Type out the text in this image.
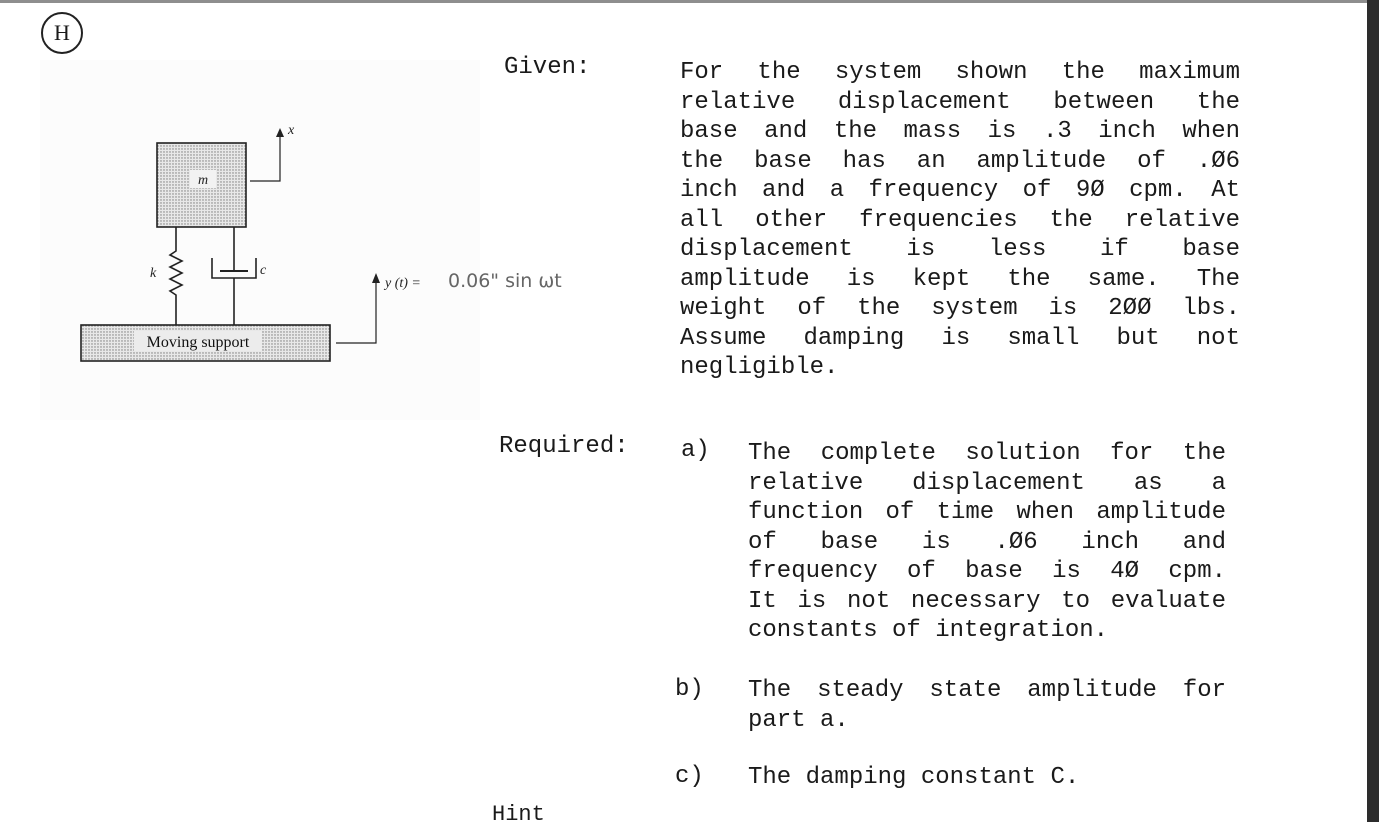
H
m
x
k	c
Moving support
y (t) = 0.06" sin ωt
Given:	For the system shown the maximum
relative displacement between the
base and the mass is .3 inch when
the base has an amplitude of .Ø6
inch and a frequency of 9Ø cpm. At
all other frequencies the relative
displacement is less if base
amplitude is kept the same. The
weight of the system is 2ØØ lbs.
Assume damping is small but not
negligible.
Required: a) The complete solution for the
relative displacement as a
function of time when amplitude
of base is .Ø6 inch and
frequency of base is 4Ø cpm.
It is not necessary to evaluate
constants of integration.
b) The steady state amplitude for
part a.
c) The damping constant C.
Hint
